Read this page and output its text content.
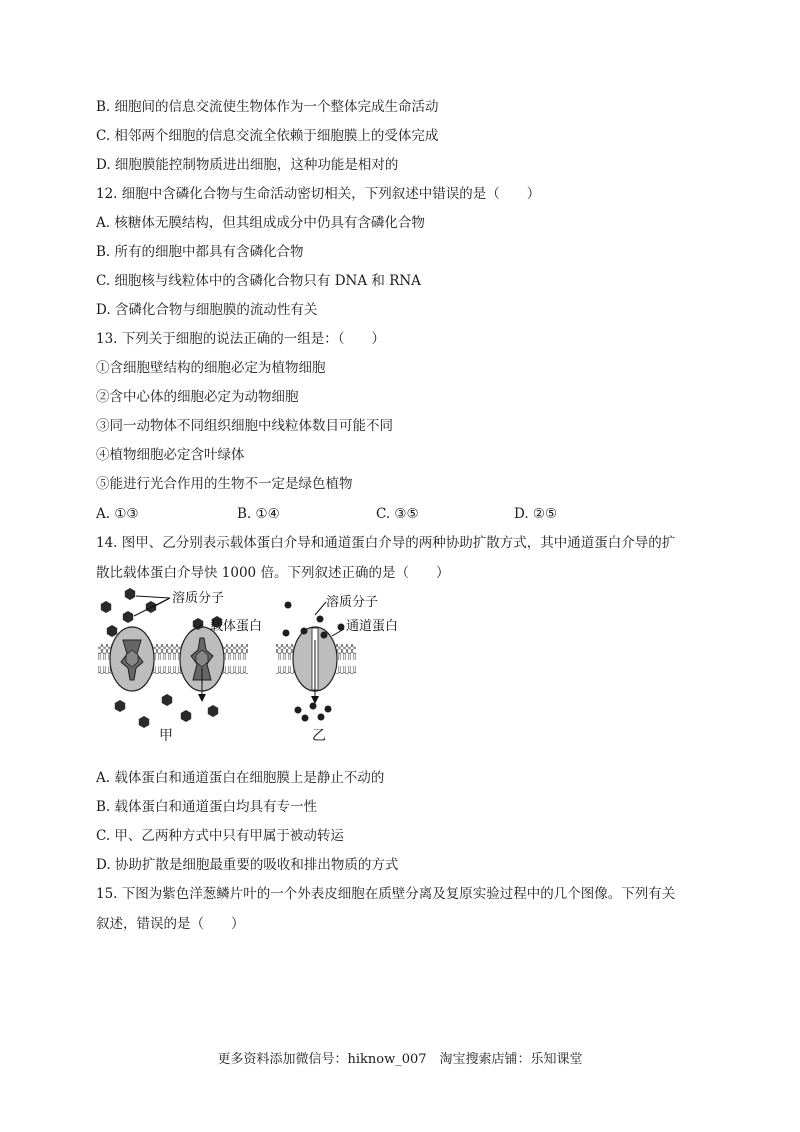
B. 细胞间的信息交流使生物体作为一个整体完成生命活动
C. 相邻两个细胞的信息交流全依赖于细胞膜上的受体完成
D. 细胞膜能控制物质进出细胞，这种功能是相对的
12. 细胞中含磷化合物与生命活动密切相关，下列叙述中错误的是（　　）
A. 核糖体无膜结构，但其组成成分中仍具有含磷化合物
B. 所有的细胞中都具有含磷化合物
C. 细胞核与线粒体中的含磷化合物只有 DNA 和 RNA
D. 含磷化合物与细胞膜的流动性有关
13. 下列关于细胞的说法正确的一组是：（　　）
①含细胞壁结构的细胞必定为植物细胞
②含中心体的细胞必定为动物细胞
③同一动物体不同组织细胞中线粒体数目可能不同
④植物细胞必定含叶绿体
⑤能进行光合作用的生物不一定是绿色植物
A. ①③	B. ①④	C. ③⑤	D. ②⑤
14. 图甲、乙分别表示载体蛋白介导和通道蛋白介导的两种协助扩散方式，其中通道蛋白介导的扩
散比载体蛋白介导快 1000 倍。下列叙述正确的是（　　）
溶质分子
载体蛋白
甲
溶质分子
通道蛋白
乙
A. 载体蛋白和通道蛋白在细胞膜上是静止不动的
B. 载体蛋白和通道蛋白均具有专一性
C. 甲、乙两种方式中只有甲属于被动转运
D. 协助扩散是细胞最重要的吸收和排出物质的方式
15. 下图为紫色洋葱鳞片叶的一个外表皮细胞在质壁分离及复原实验过程中的几个图像。下列有关
叙述，错误的是（　　）
更多资料添加微信号：hiknow_007　淘宝搜索店铺：乐知课堂
